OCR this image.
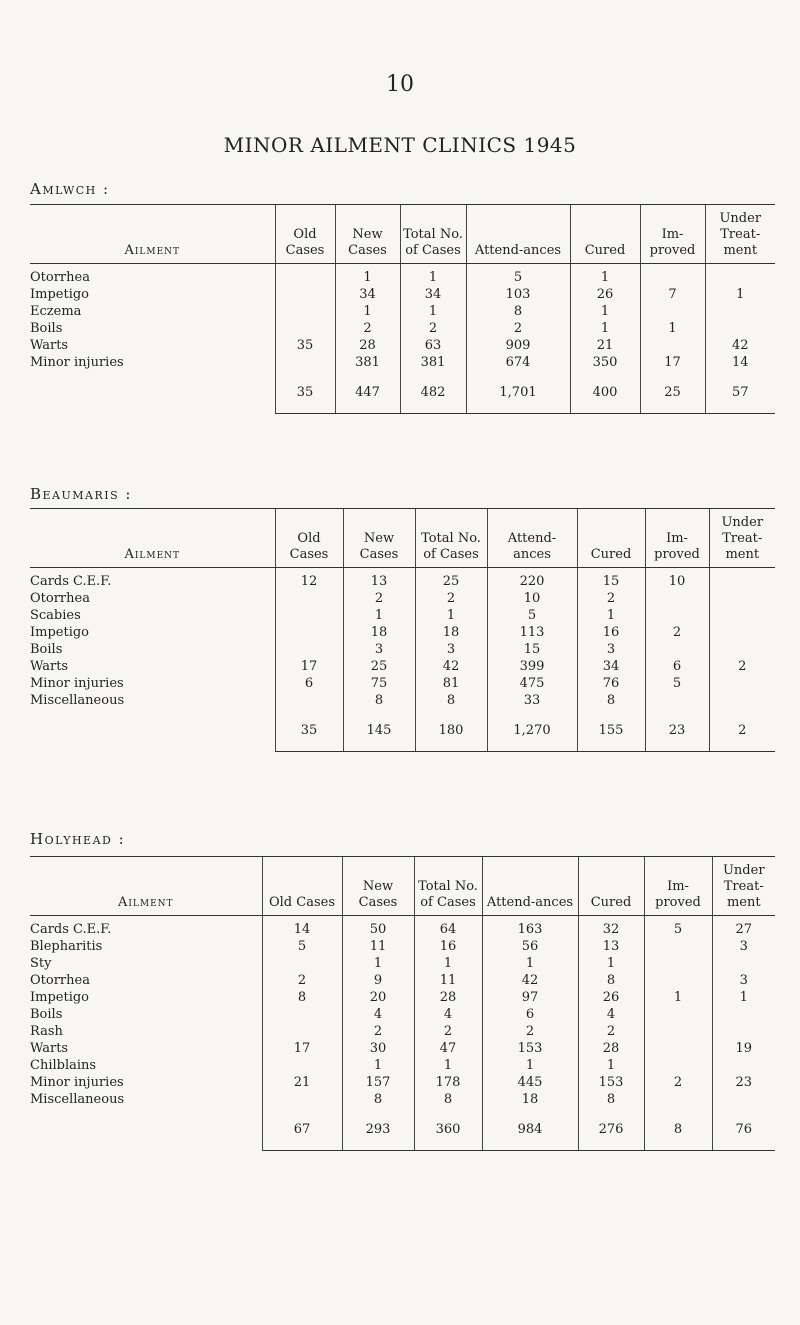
10
MINOR AILMENT CLINICS 1945
Amlwch :
Ailment	Old Cases	New Cases	Total No. of Cases	Attend-ances	Cured	Im-proved	Under Treat-ment
Otorrhea		1	1	5	1		
Impetigo		34	34	103	26	7	1
Eczema		1	1	8	1		
Boils		2	2	2	1	1	
Warts	35	28	63	909	21		42
Minor injuries		381	381	674	350	17	14
	35	447	482	1,701	400	25	57
Beaumaris :
Ailment	Old Cases	New Cases	Total No. of Cases	Attend-ances	Cured	Im-proved	Under Treat-ment
Cards C.E.F.	12	13	25	220	15	10	
Otorrhea		2	2	10	2		
Scabies		1	1	5	1		
Impetigo		18	18	113	16	2	
Boils		3	3	15	3		
Warts	17	25	42	399	34	6	2
Minor injuries	6	75	81	475	76	5	
Miscellaneous		8	8	33	8		
	35	145	180	1,270	155	23	2
Holyhead :
Ailment	Old Cases	New Cases	Total No. of Cases	Attend-ances	Cured	Im-proved	Under Treat-ment
Cards C.E.F.	14	50	64	163	32	5	27
Blepharitis	5	11	16	56	13		3
Sty		1	1	1	1		
Otorrhea	2	9	11	42	8		3
Impetigo	8	20	28	97	26	1	1
Boils		4	4	6	4		
Rash		2	2	2	2		
Warts	17	30	47	153	28		19
Chilblains		1	1	1	1		
Minor injuries	21	157	178	445	153	2	23
Miscellaneous		8	8	18	8		
	67	293	360	984	276	8	76
